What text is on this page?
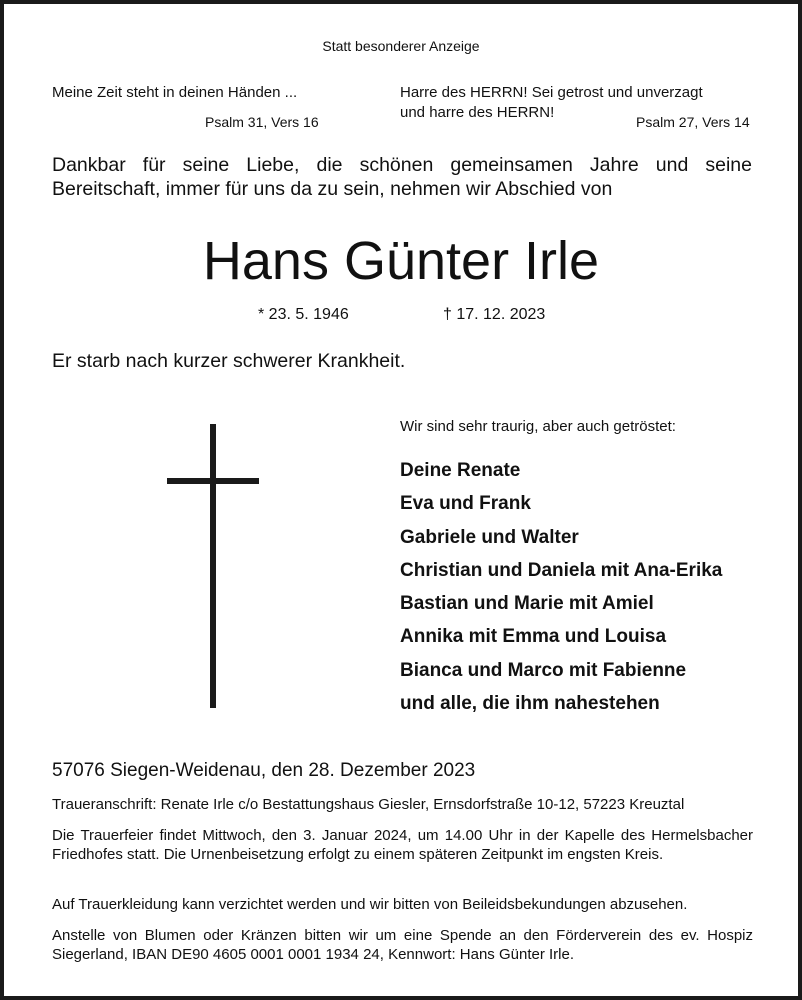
Statt besonderer Anzeige
Meine Zeit steht in deinen Händen ...
Psalm 31, Vers 16
Harre des HERRN! Sei getrost und unverzagt
und harre des HERRN!
Psalm 27, Vers 14
Dankbar für seine Liebe, die schönen gemeinsamen Jahre und seine Bereitschaft, immer für uns da zu sein, nehmen wir Abschied von
Hans Günter Irle
* 23. 5. 1946	† 17. 12. 2023
Er starb nach kurzer schwerer Krankheit.
Wir sind sehr traurig, aber auch getröstet:
Deine Renate
Eva und Frank
Gabriele und Walter
Christian und Daniela mit Ana-Erika
Bastian und Marie mit Amiel
Annika mit Emma und Louisa
Bianca und Marco mit Fabienne
und alle, die ihm nahestehen
57076 Siegen-Weidenau, den 28. Dezember 2023
Traueranschrift: Renate Irle c/o Bestattungshaus Giesler, Ernsdorfstraße 10-12, 57223 Kreuztal
Die Trauerfeier findet Mittwoch, den 3. Januar 2024, um 14.00 Uhr in der Kapelle des Hermelsbacher Friedhofes statt. Die Urnenbeisetzung erfolgt zu einem späteren Zeitpunkt im engsten Kreis.
Auf Trauerkleidung kann verzichtet werden und wir bitten von Beileidsbekundungen abzusehen.
Anstelle von Blumen oder Kränzen bitten wir um eine Spende an den Förderverein des ev. Hospiz Siegerland, IBAN DE90 4605 0001 0001 1934 24, Kennwort: Hans Günter Irle.
